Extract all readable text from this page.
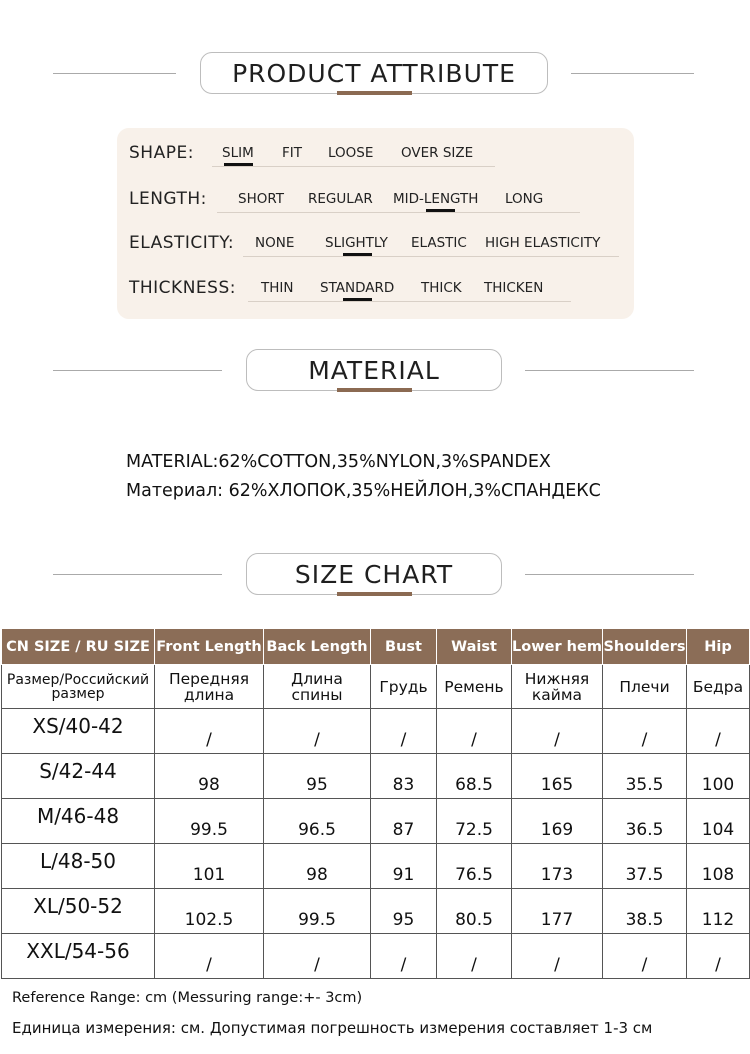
PRODUCT ATTRIBUTE
SHAPE: SLIM FIT LOOSE OVER SIZE
LENGTH: SHORT REGULAR MID-LENGTH LONG
ELASTICITY: NONE SLIGHTLY ELASTIC HIGH ELASTICITY
THICKNESS: THIN STANDARD THICK THICKEN
MATERIAL
MATERIAL:62%COTTON,35%NYLON,3%SPANDEX
Материал: 62%ХЛОПОК,35%НЕЙЛОН,3%СПАНДЕКС
SIZE CHART
CN SIZE / RU SIZE	Front Length	Back Length	Bust	Waist	Lower hem	Shoulders	Hip
Размер/Российский размер	Передняя длина	Длина спины	Грудь	Ремень	Нижняя кайма	Плечи	Бедра
XS/40-42	/	/	/	/	/	/	/
S/42-44	98	95	83	68.5	165	35.5	100
M/46-48	99.5	96.5	87	72.5	169	36.5	104
L/48-50	101	98	91	76.5	173	37.5	108
XL/50-52	102.5	99.5	95	80.5	177	38.5	112
XXL/54-56	/	/	/	/	/	/	/
Reference Range: cm (Messuring range:+- 3cm)
Единица измерения: см. Допустимая погрешность измерения составляет 1-3 см
